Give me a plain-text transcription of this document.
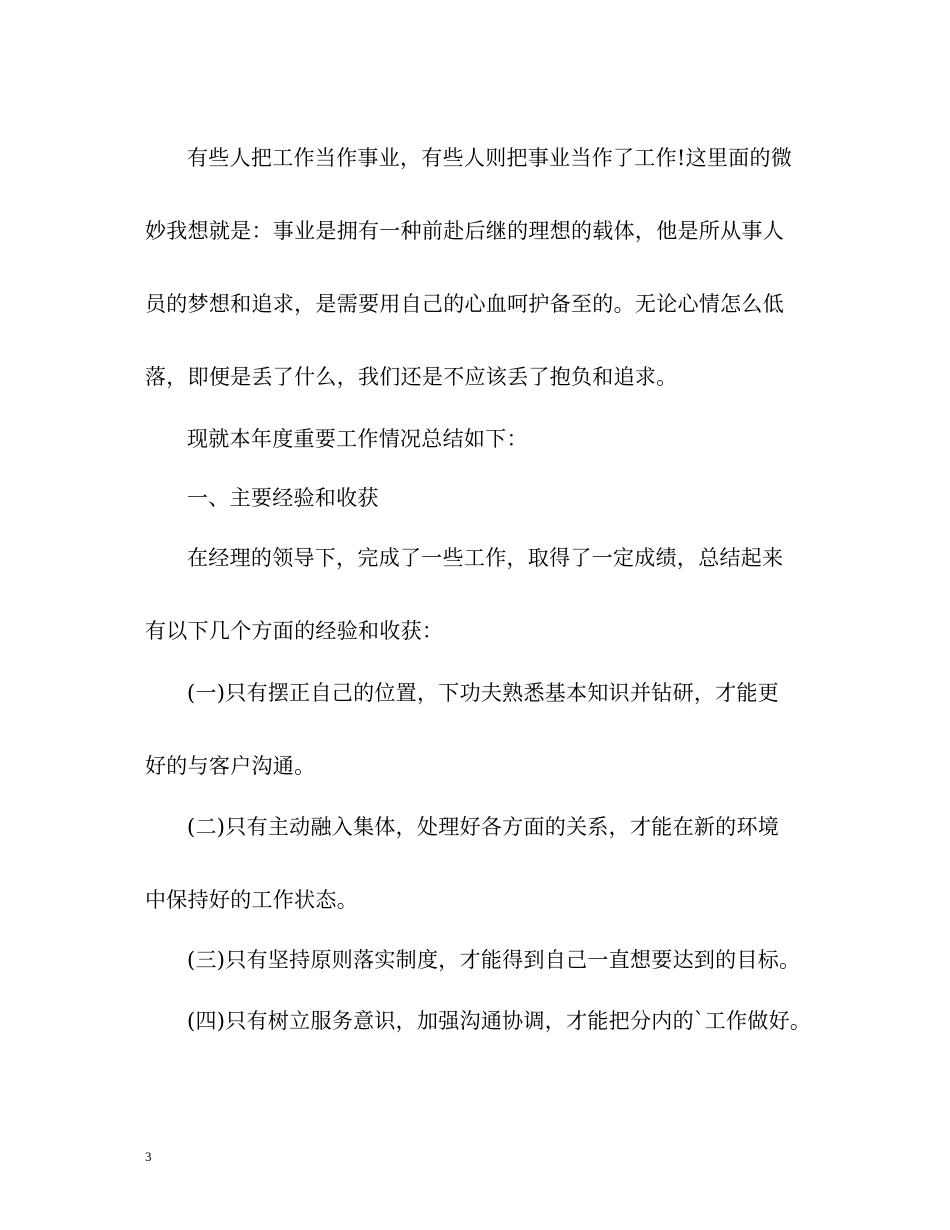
有些人把工作当作事业，有些人则把事业当作了工作!这里面的微
妙我想就是：事业是拥有一种前赴后继的理想的载体，他是所从事人
员的梦想和追求，是需要用自己的心血呵护备至的。无论心情怎么低
落，即便是丢了什么，我们还是不应该丢了抱负和追求。
现就本年度重要工作情况总结如下：
一、主要经验和收获
在经理的领导下，完成了一些工作，取得了一定成绩，总结起来
有以下几个方面的经验和收获：
(一)只有摆正自己的位置，下功夫熟悉基本知识并钻研，才能更
好的与客户沟通。
(二)只有主动融入集体，处理好各方面的关系，才能在新的环境
中保持好的工作状态。
(三)只有坚持原则落实制度，才能得到自己一直想要达到的目标。
(四)只有树立服务意识，加强沟通协调，才能把分内的`工作做好。
3
